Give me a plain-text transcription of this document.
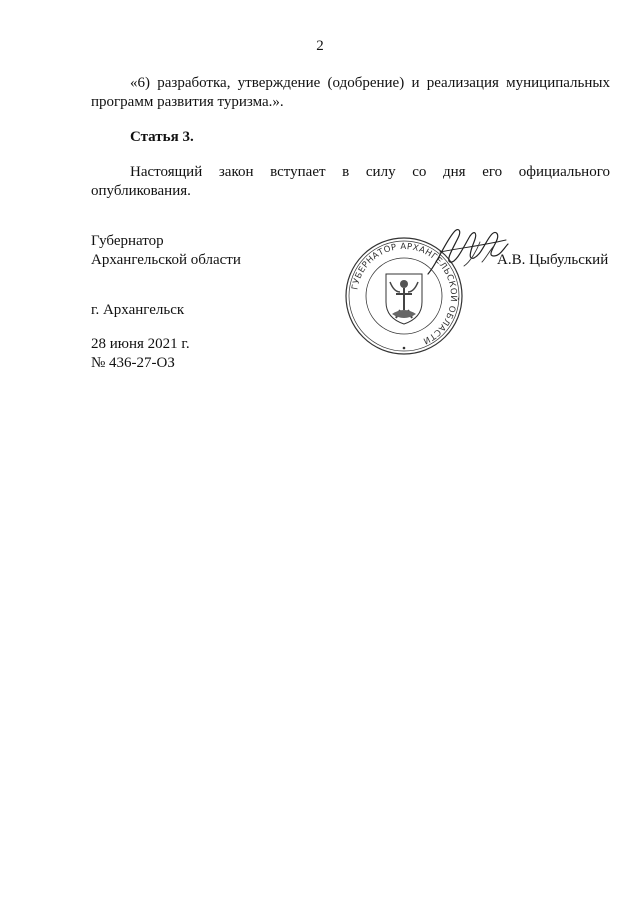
2
«6) разработка, утверждение (одобрение) и реализация муниципальных
программ развития туризма.».
Статья 3.
Настоящий закон вступает в силу со дня его официального
опубликования.
Губернатор
Архангельской области	А.В. Цыбульский
ГУБЕРНАТОР АРХАНГЕЛЬСКОЙ ОБЛАСТИ
г. Архангельск
28 июня 2021 г.
№ 436-27-ОЗ
